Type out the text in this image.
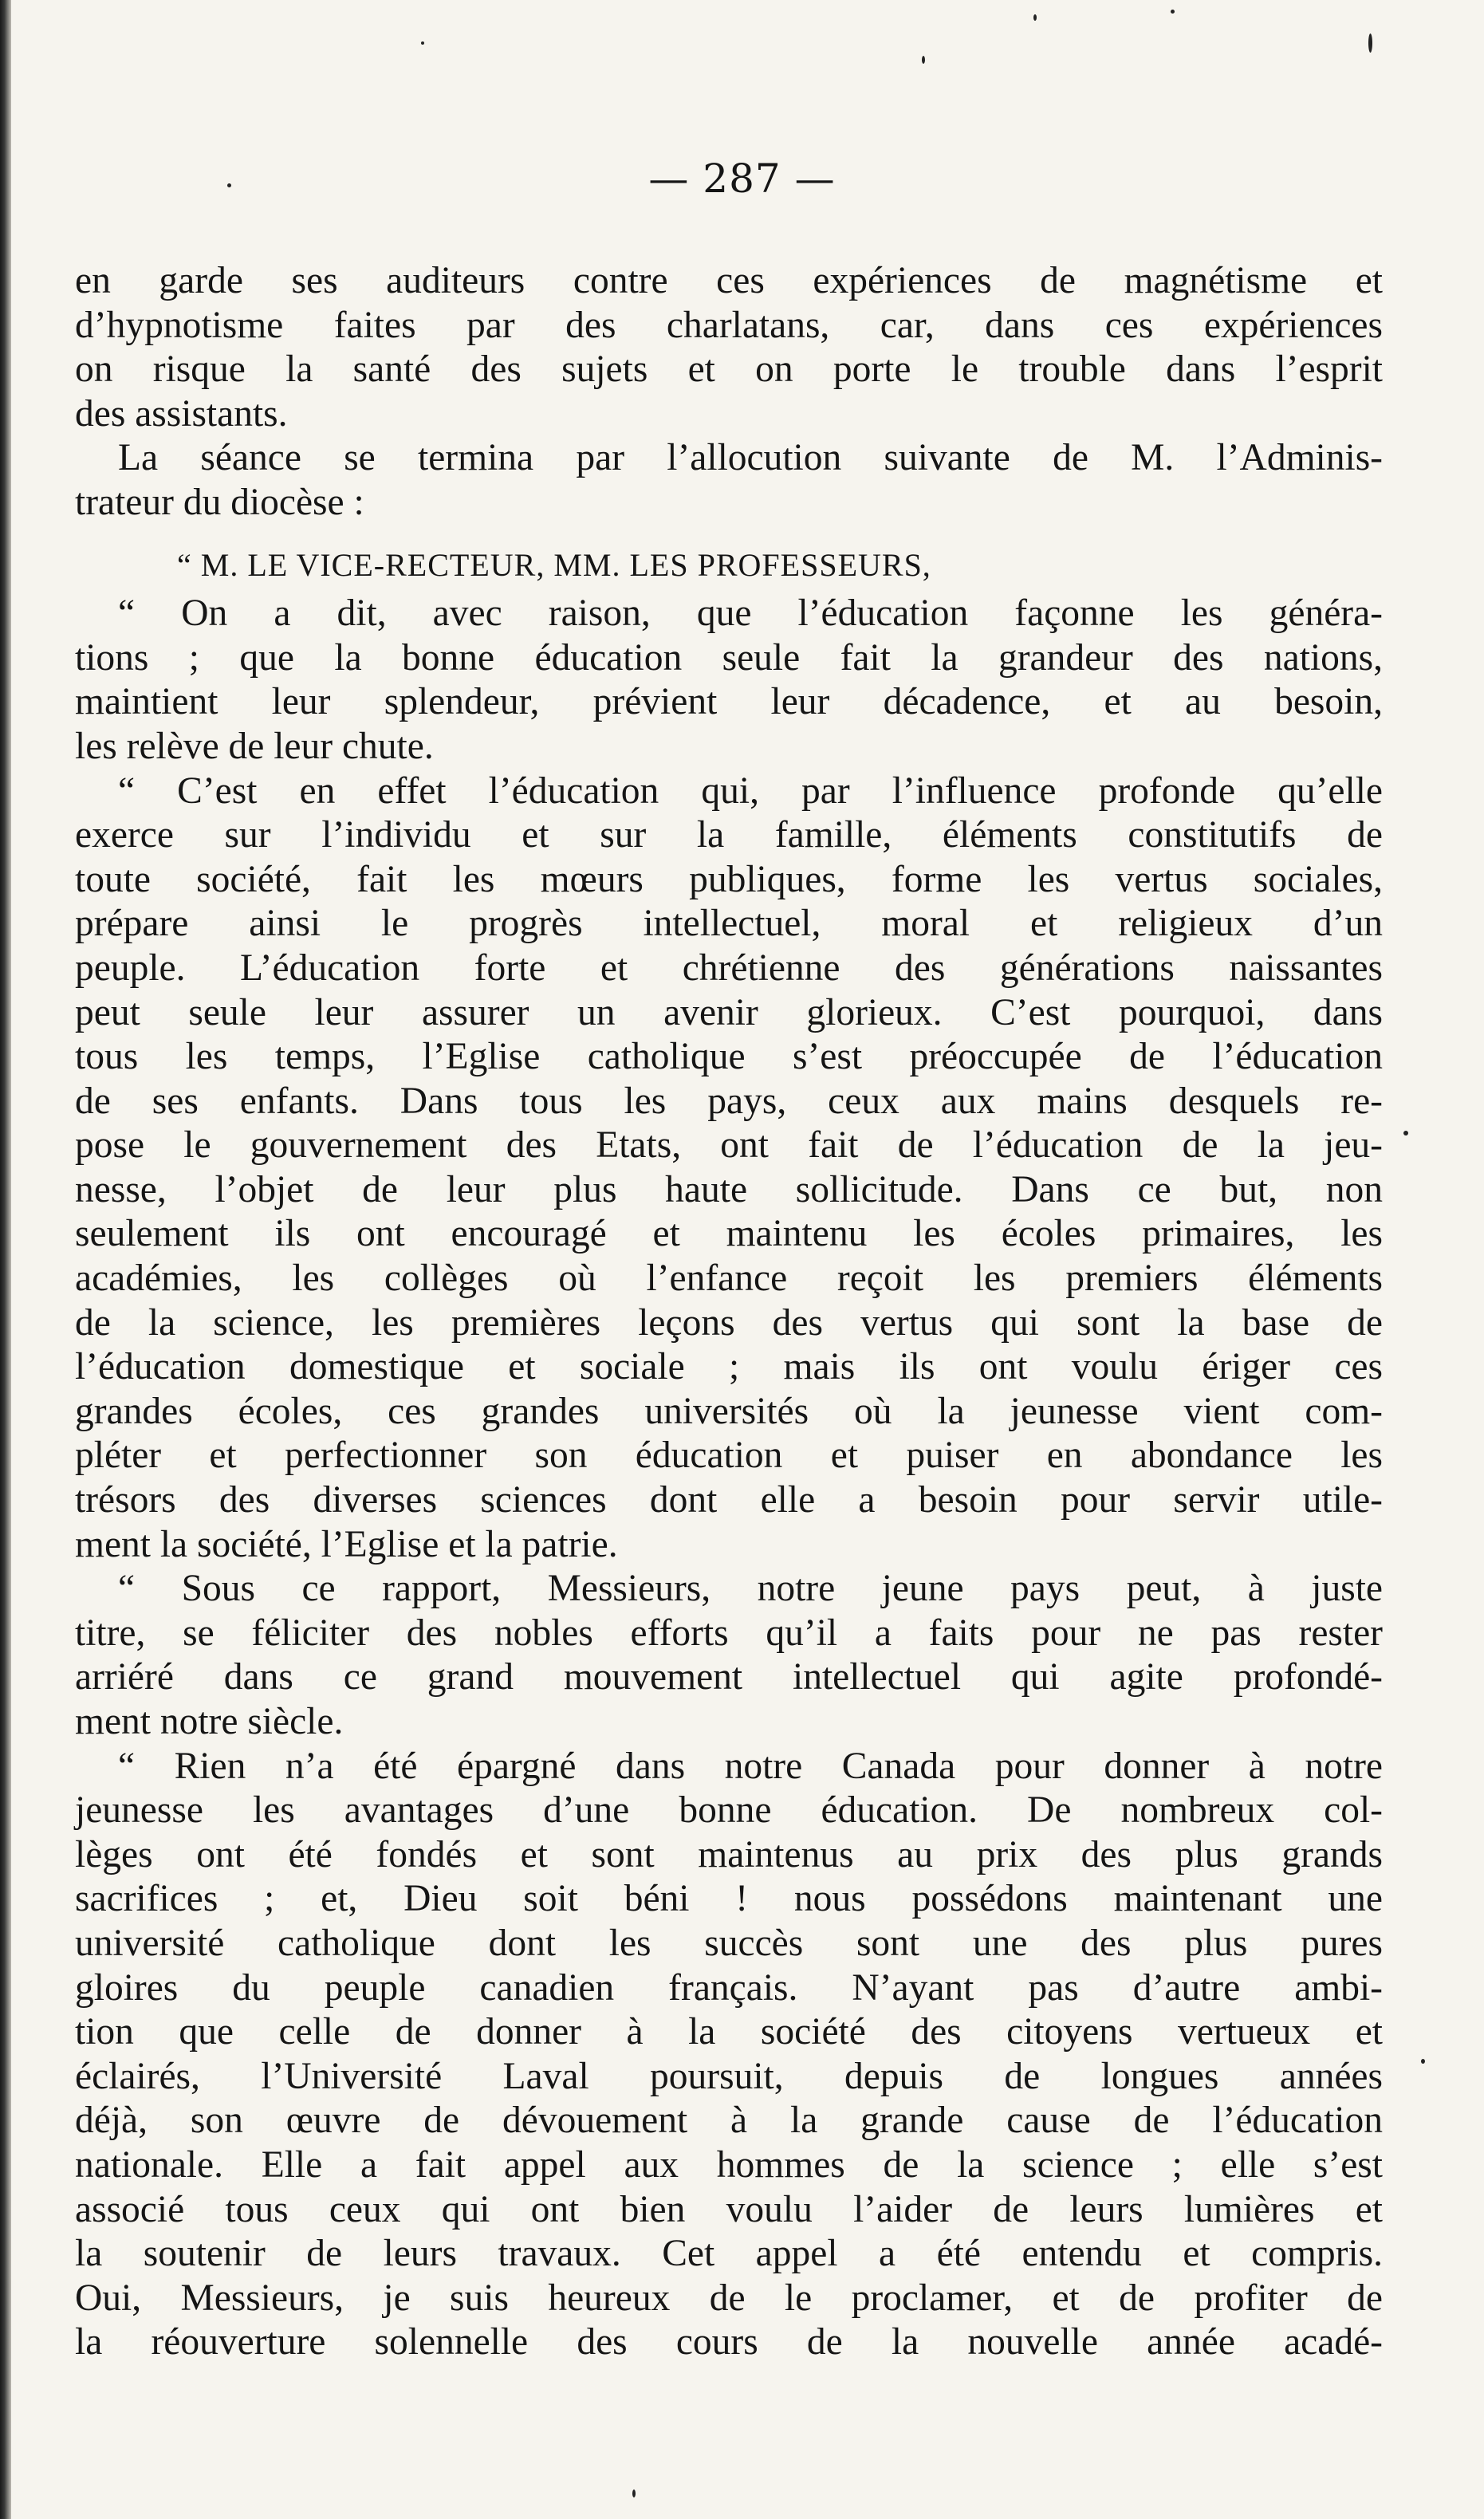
— 287 —
en garde ses auditeurs contre ces expériences de magnétisme et
d’hypnotisme faites par des charlatans, car, dans ces expériences
on risque la santé des sujets et on porte le trouble dans l’esprit
des assistants.
La séance se termina par l’allocution suivante de M. l’Adminis-
trateur du diocèse :
“ M. LE VICE-RECTEUR, MM. LES PROFESSEURS,
“ On a dit, avec raison, que l’éducation façonne les généra-
tions ; que la bonne éducation seule fait la grandeur des nations,
maintient leur splendeur, prévient leur décadence, et au besoin,
les relève de leur chute.
“ C’est en effet l’éducation qui, par l’influence profonde qu’elle
exerce sur l’individu et sur la famille, éléments constitutifs de
toute société, fait les mœurs publiques, forme les vertus sociales,
prépare ainsi le progrès intellectuel, moral et religieux d’un
peuple. L’éducation forte et chrétienne des générations naissantes
peut seule leur assurer un avenir glorieux. C’est pourquoi, dans
tous les temps, l’Eglise catholique s’est préoccupée de l’éducation
de ses enfants. Dans tous les pays, ceux aux mains desquels re-
pose le gouvernement des Etats, ont fait de l’éducation de la jeu-
nesse, l’objet de leur plus haute sollicitude. Dans ce but, non
seulement ils ont encouragé et maintenu les écoles primaires, les
académies, les collèges où l’enfance reçoit les premiers éléments
de la science, les premières leçons des vertus qui sont la base de
l’éducation domestique et sociale ; mais ils ont voulu ériger ces
grandes écoles, ces grandes universités où la jeunesse vient com-
pléter et perfectionner son éducation et puiser en abondance les
trésors des diverses sciences dont elle a besoin pour servir utile-
ment la société, l’Eglise et la patrie.
“ Sous ce rapport, Messieurs, notre jeune pays peut, à juste
titre, se féliciter des nobles efforts qu’il a faits pour ne pas rester
arriéré dans ce grand mouvement intellectuel qui agite profondé-
ment notre siècle.
“ Rien n’a été épargné dans notre Canada pour donner à notre
jeunesse les avantages d’une bonne éducation. De nombreux col-
lèges ont été fondés et sont maintenus au prix des plus grands
sacrifices ; et, Dieu soit béni ! nous possédons maintenant une
université catholique dont les succès sont une des plus pures
gloires du peuple canadien français. N’ayant pas d’autre ambi-
tion que celle de donner à la société des citoyens vertueux et
éclairés, l’Université Laval poursuit, depuis de longues années
déjà, son œuvre de dévouement à la grande cause de l’éducation
nationale. Elle a fait appel aux hommes de la science ; elle s’est
associé tous ceux qui ont bien voulu l’aider de leurs lumières et
la soutenir de leurs travaux. Cet appel a été entendu et compris.
Oui, Messieurs, je suis heureux de le proclamer, et de profiter de
la réouverture solennelle des cours de la nouvelle année acadé-
